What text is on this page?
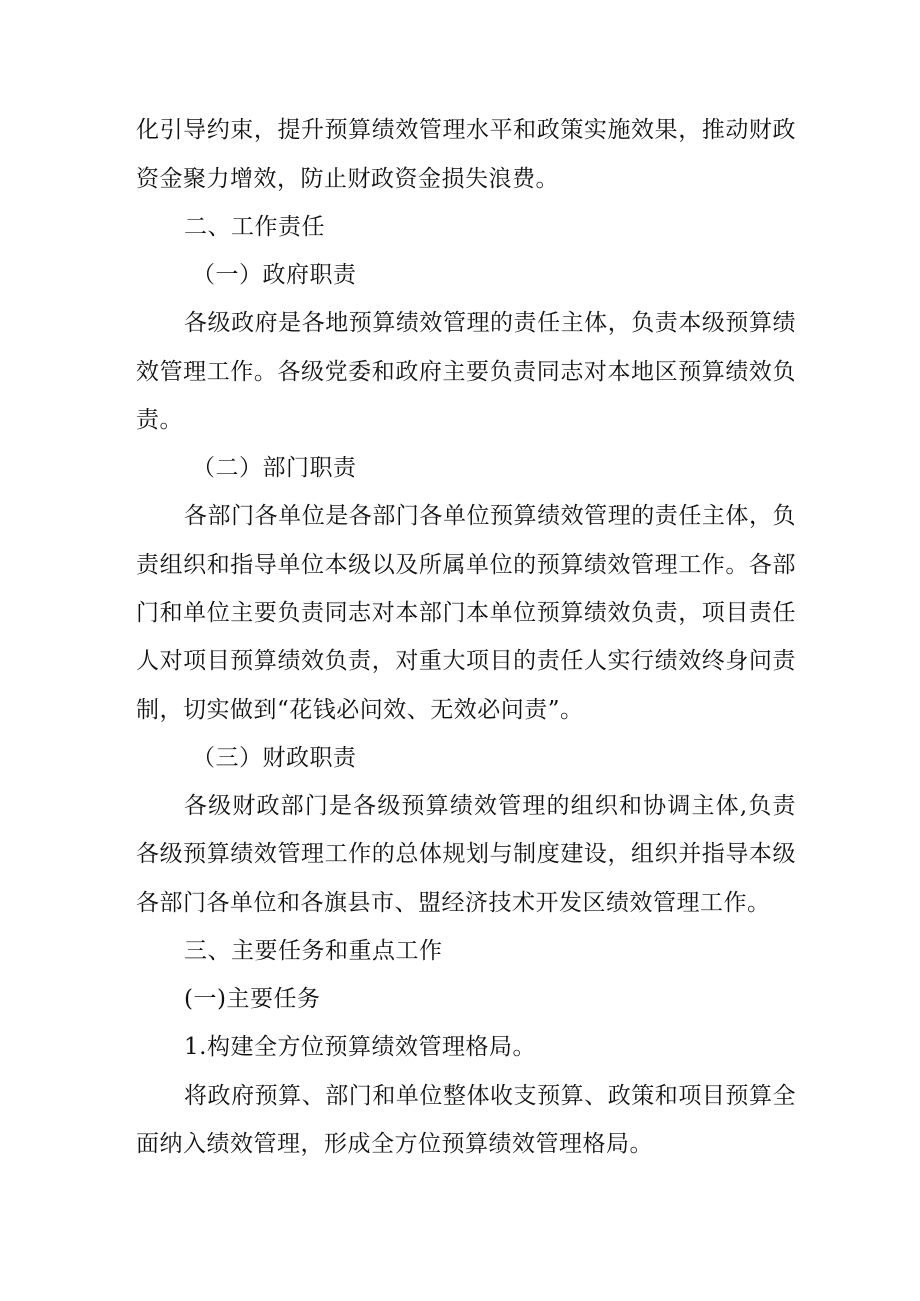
化引导约束，提升预算绩效管理水平和政策实施效果，推动财政
资金聚力增效，防止财政资金损失浪费。
二、工作责任
（一）政府职责
各级政府是各地预算绩效管理的责任主体，负责本级预算绩
效管理工作。各级党委和政府主要负责同志对本地区预算绩效负
责。
（二）部门职责
各部门各单位是各部门各单位预算绩效管理的责任主体，负
责组织和指导单位本级以及所属单位的预算绩效管理工作。各部
门和单位主要负责同志对本部门本单位预算绩效负责，项目责任
人对项目预算绩效负责，对重大项目的责任人实行绩效终身问责
制，切实做到“花钱必问效、无效必问责”。
（三）财政职责
各级财政部门是各级预算绩效管理的组织和协调主体,负责
各级预算绩效管理工作的总体规划与制度建设，组织并指导本级
各部门各单位和各旗县市、盟经济技术开发区绩效管理工作。
三、主要任务和重点工作
(一)主要任务
1.构建全方位预算绩效管理格局。
将政府预算、部门和单位整体收支预算、政策和项目预算全
面纳入绩效管理，形成全方位预算绩效管理格局。
